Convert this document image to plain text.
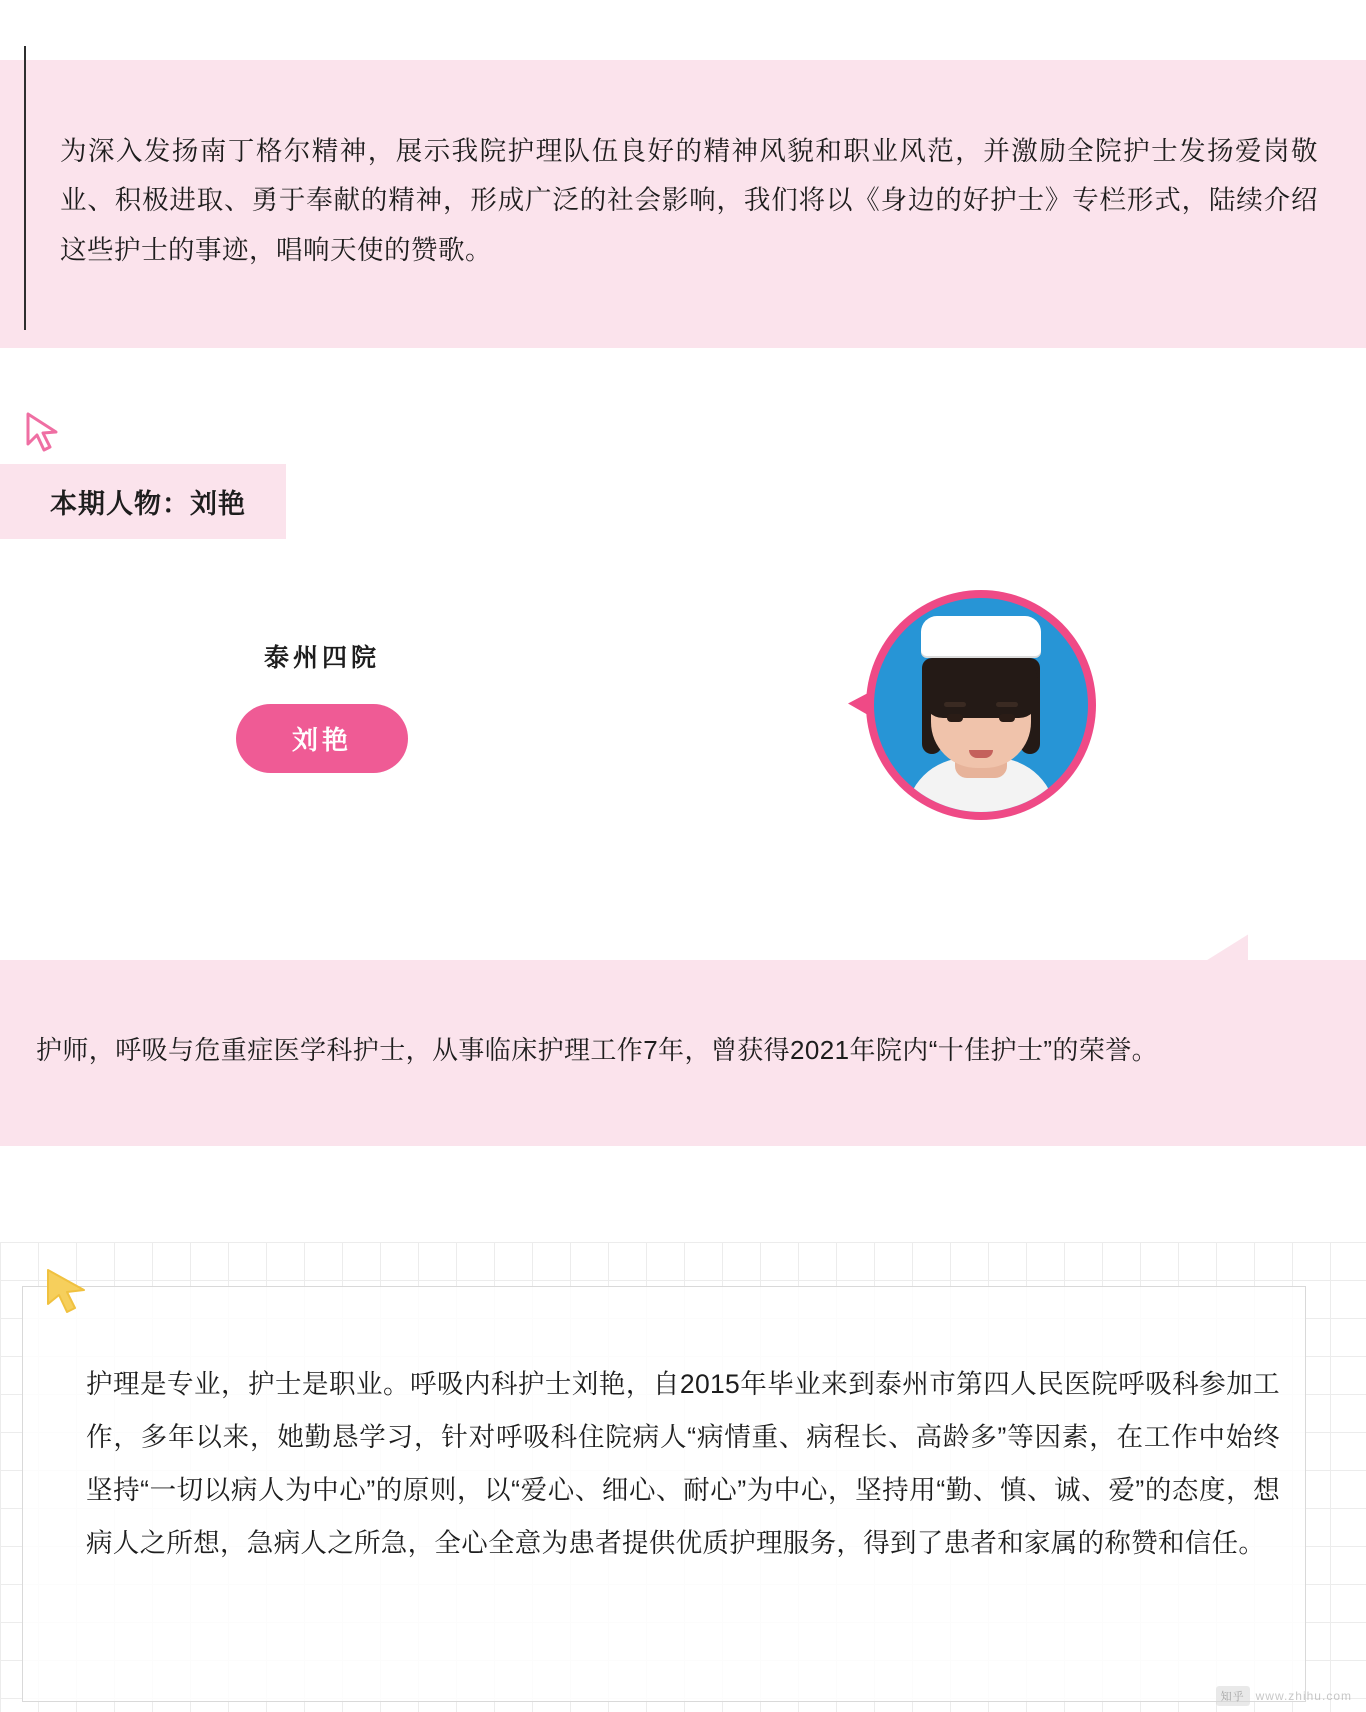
为深入发扬南丁格尔精神，展示我院护理队伍良好的精神风貌和职业风范，并激励全院护士发扬爱岗敬业、积极进取、勇于奉献的精神，形成广泛的社会影响，我们将以《身边的好护士》专栏形式，陆续介绍这些护士的事迹，唱响天使的赞歌。

本期人物：刘艳
泰州四院
刘艳

护师，呼吸与危重症医学科护士，从事临床护理工作7年，曾获得2021年院内“十佳护士”的荣誉。

护理是专业，护士是职业。呼吸内科护士刘艳，自2015年毕业来到泰州市第四人民医院呼吸科参加工作，多年以来，她勤恳学习，针对呼吸科住院病人“病情重、病程长、高龄多”等因素，在工作中始终坚持“一切以病人为中心”的原则，以“爱心、细心、耐心”为中心，坚持用“勤、慎、诚、爱”的态度，想病人之所想，急病人之所急，全心全意为患者提供优质护理服务，得到了患者和家属的称赞和信任。

知乎 www.zhihu.com
